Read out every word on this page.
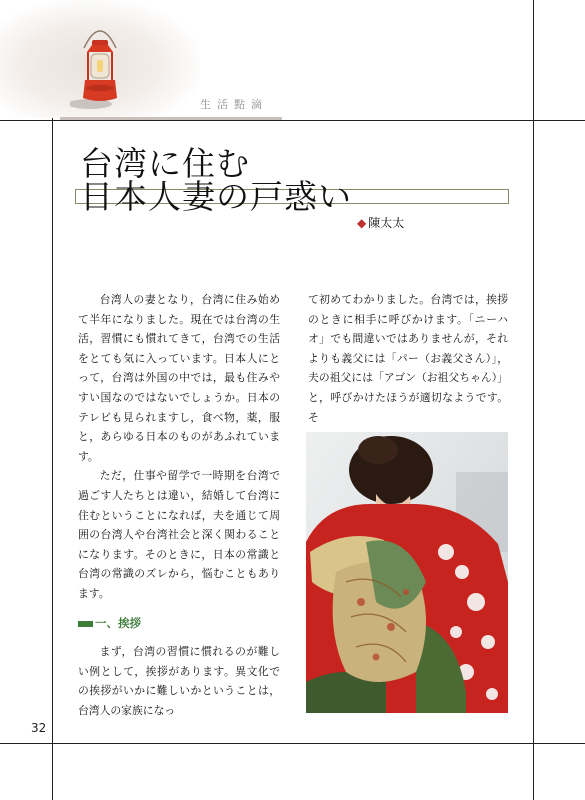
生活點滴
台湾に住む
日本人妻の戸惑い
◆ 陳太太

台湾人の妻となり，台湾に住み始めて半年になりました。現在では台湾の生活，習慣にも慣れてきて，台湾での生活をとても気に入っています。日本人にとって，台湾は外国の中では，最も住みやすい国なのではないでしょうか。日本のテレビも見られますし，食べ物，薬，服と，あらゆる日本のものがあふれています。

ただ，仕事や留学で一時期を台湾で過ごす人たちとは違い，結婚して台湾に住むということになれば，夫を通じて周囲の台湾人や台湾社会と深く関わることになります。そのときに，日本の常識と台湾の常識のズレから，悩むこともあります。

一、挨拶

まず，台湾の習慣に慣れるのが難しい例として，挨拶があります。異文化での挨拶がいかに難しいかということは，台湾人の家族になっ

て初めてわかりました。台湾では，挨拶のときに相手に呼びかけます。「ニーハオ」でも間違いではありませんが，それよりも義父には「パー（お義父さん）」，夫の祖父には「アゴン（お祖父ちゃん）」と，呼びかけたほうが適切なようです。そ

32
